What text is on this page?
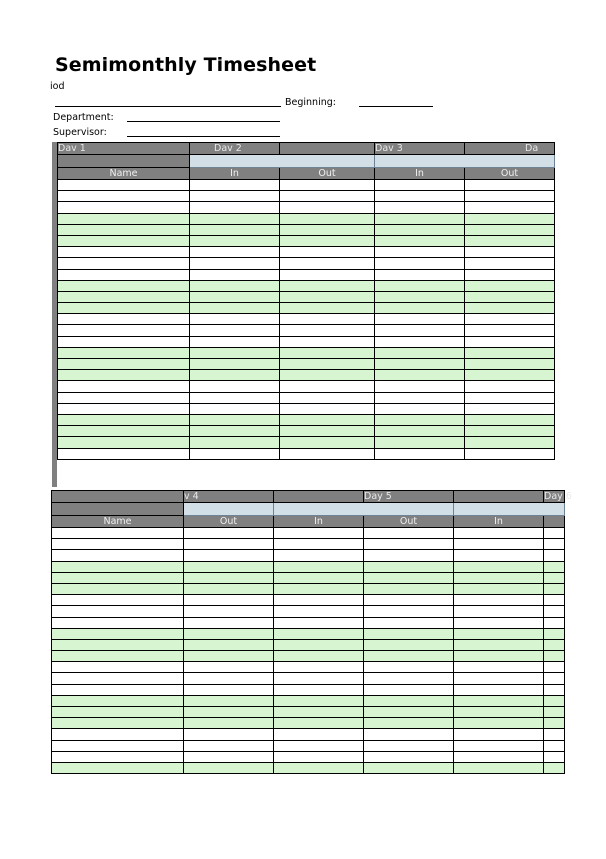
Semimonthly Timesheet
iod
Beginning:
Department:
Supervisor:
Dav 1	Dav 2		Dav 3	Da

Name	In	Out	In	Out

	v 4		Day 5		Day 6

Name	Out	In	Out	In	
